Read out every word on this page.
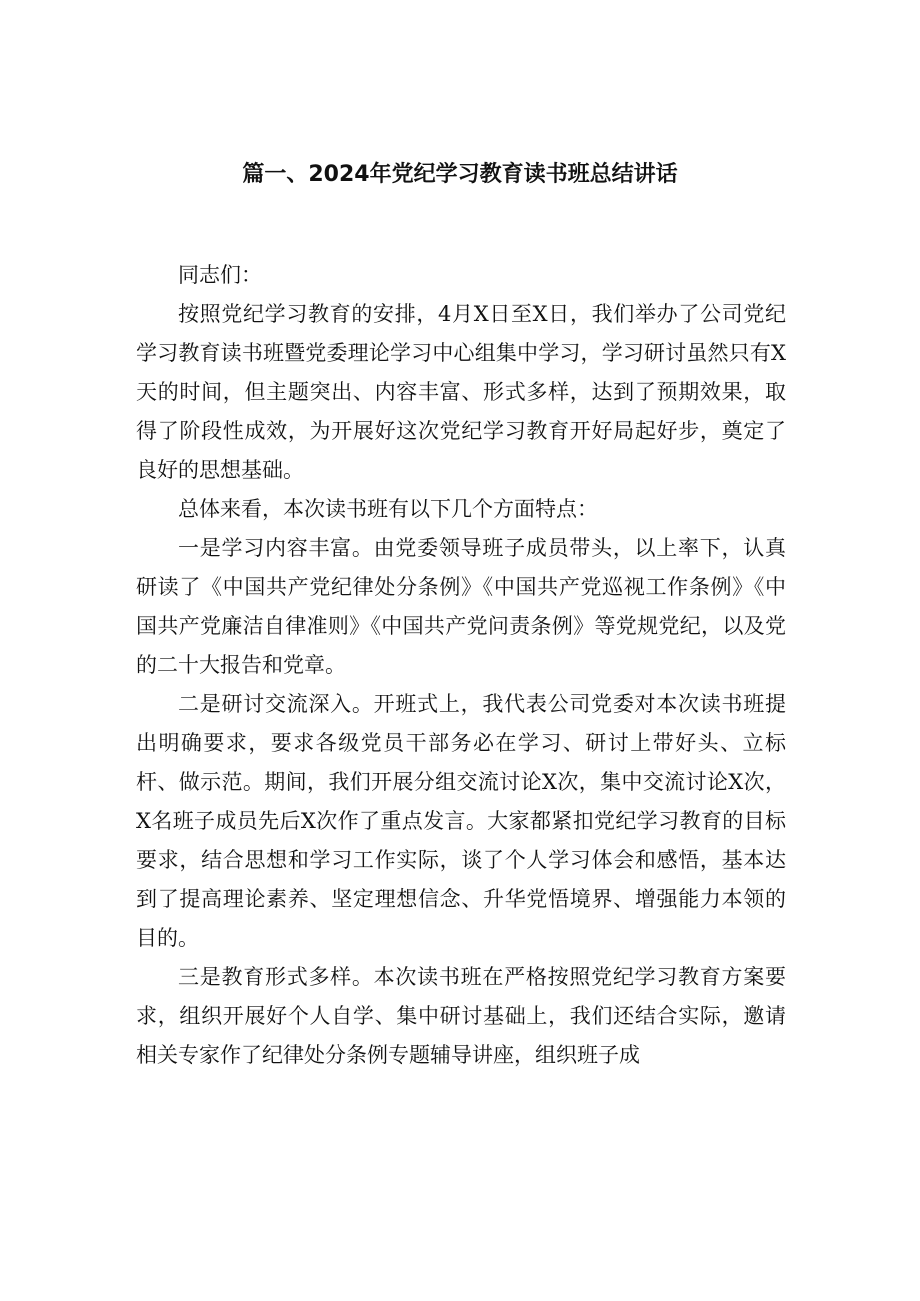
篇一、2024年党纪学习教育读书班总结讲话

同志们：

按照党纪学习教育的安排，4月X日至X日，我们举办了公司党纪学习教育读书班暨党委理论学习中心组集中学习，学习研讨虽然只有X天的时间，但主题突出、内容丰富、形式多样，达到了预期效果，取得了阶段性成效，为开展好这次党纪学习教育开好局起好步，奠定了良好的思想基础。

总体来看，本次读书班有以下几个方面特点：

一是学习内容丰富。由党委领导班子成员带头，以上率下，认真研读了《中国共产党纪律处分条例》《中国共产党巡视工作条例》《中国共产党廉洁自律准则》《中国共产党问责条例》等党规党纪，以及党的二十大报告和党章。

二是研讨交流深入。开班式上，我代表公司党委对本次读书班提出明确要求，要求各级党员干部务必在学习、研讨上带好头、立标杆、做示范。期间，我们开展分组交流讨论X次，集中交流讨论X次，X名班子成员先后X次作了重点发言。大家都紧扣党纪学习教育的目标要求，结合思想和学习工作实际，谈了个人学习体会和感悟，基本达到了提高理论素养、坚定理想信念、升华党悟境界、增强能力本领的目的。

三是教育形式多样。本次读书班在严格按照党纪学习教育方案要求，组织开展好个人自学、集中研讨基础上，我们还结合实际，邀请相关专家作了纪律处分条例专题辅导讲座，组织班子成
